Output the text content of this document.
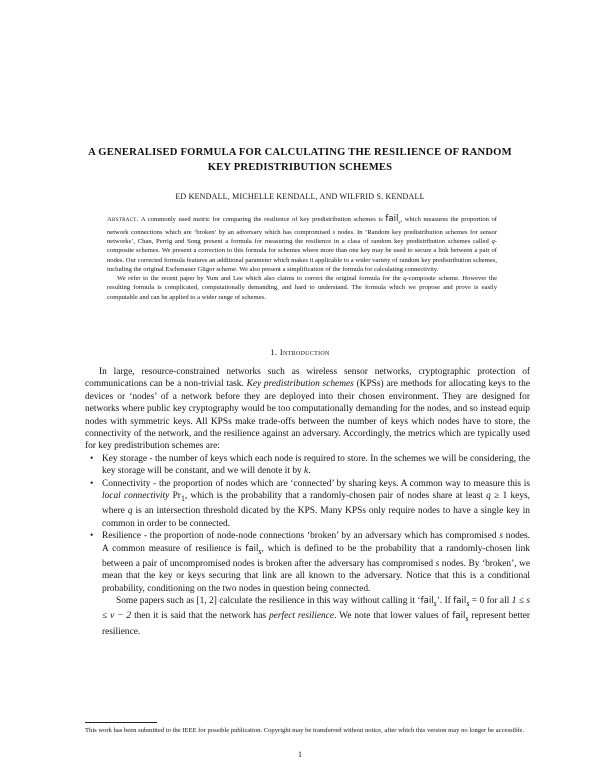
A GENERALISED FORMULA FOR CALCULATING THE RESILIENCE OF RANDOM
KEY PREDISTRIBUTION SCHEMES
ED KENDALL, MICHELLE KENDALL, AND WILFRID S. KENDALL

Abstract. A commonly used metric for comparing the resilience of key predistribution schemes is fail$_s$, which measures the proportion of network connections which are ‘broken’ by an adversary which has compromised s nodes. In ‘Random key predistribution schemes for sensor networks’, Chan, Perrig and Song present a formula for measuring the resilience in a class of random key predistribution schemes called q-composite schemes. We present a correction to this formula for schemes where more than one key may be used to secure a link between a pair of nodes. Our corrected formula features an additional parameter which makes it applicable to a wider variety of random key predistribution schemes, including the original Eschenauer Gligor scheme. We also present a simplification of the formula for calculating connectivity.

We refer to the recent paper by Yum and Lee which also claims to correct the original formula for the q-composite scheme. However the resulting formula is complicated, computationally demanding, and hard to understand. The formula which we propose and prove is easily computable and can be applied to a wider range of schemes.

1. Introduction

In large, resource-constrained networks such as wireless sensor networks, cryptographic protection of communications can be a non-trivial task. Key predistribution schemes (KPSs) are methods for allocating keys to the devices or ‘nodes’ of a network before they are deployed into their chosen environment. They are designed for networks where public key cryptography would be too computationally demanding for the nodes, and so instead equip nodes with symmetric keys. All KPSs make trade-offs between the number of keys which nodes have to store, the connectivity of the network, and the resilience against an adversary. Accordingly, the metrics which are typically used for key predistribution schemes are:

• Key storage - the number of keys which each node is required to store. In the schemes we will be considering, the key storage will be constant, and we will denote it by k.
• Connectivity - the proportion of nodes which are ‘connected’ by sharing keys. A common way to measure this is local connectivity $Pr_1$, which is the probability that a randomly-chosen pair of nodes share at least q ≥ 1 keys, where q is an intersection threshold dicated by the KPS. Many KPSs only require nodes to have a single key in common in order to be connected.
• Resilience - the proportion of node-node connections ‘broken’ by an adversary which has compromised s nodes. A common measure of resilience is fail$_s$, which is defined to be the probability that a randomly-chosen link between a pair of uncompromised nodes is broken after the adversary has compromised s nodes. By ‘broken’, we mean that the key or keys securing that link are all known to the adversary. Notice that this is a conditional probability, conditioning on the two nodes in question being connected.

Some papers such as [1, 2] calculate the resilience in this way without calling it ‘fail$_s$’. If fail$_s$ = 0 for all 1 ≤ s ≤ v − 2 then it is said that the network has perfect resilience. We note that lower values of fail$_s$ represent better resilience.

This work has been submitted to the IEEE for possible publication. Copyright may be transferred without notice, after which this version may no longer be accessible.
1
